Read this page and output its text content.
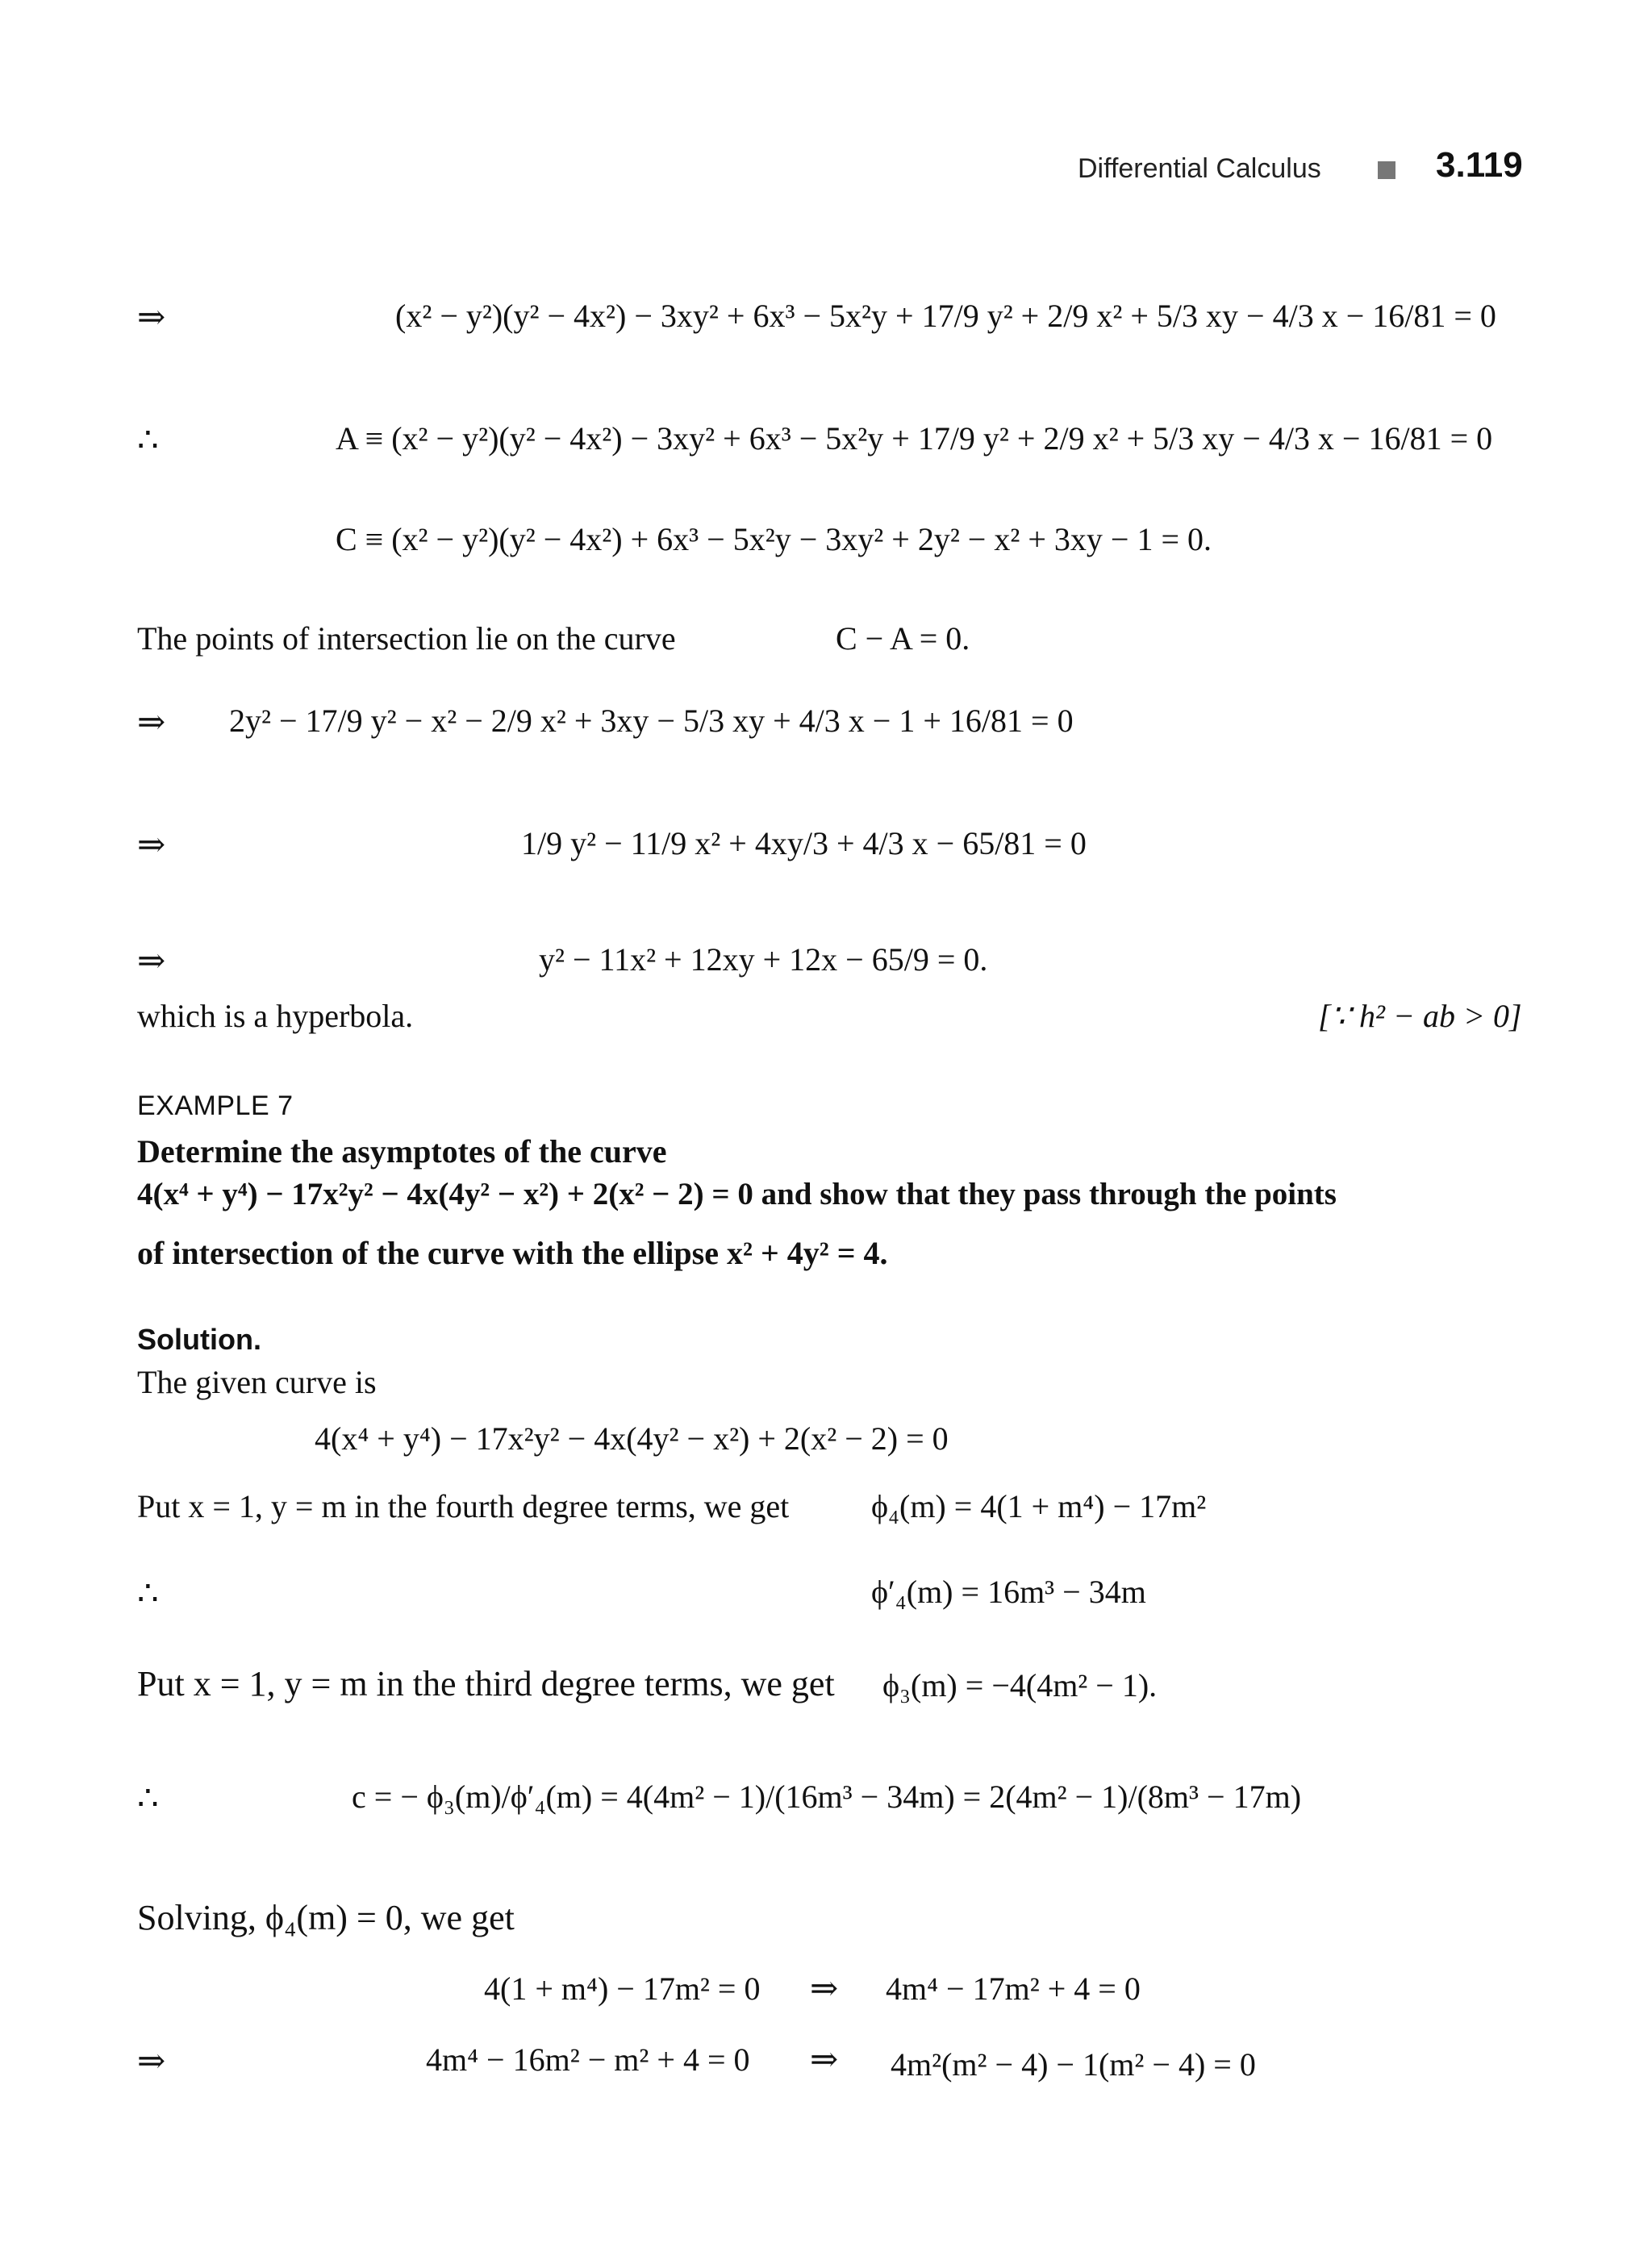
Differential Calculus	3.119
⇒	(x² − y²)(y² − 4x²) − 3xy² + 6x³ − 5x²y + 17/9 y² + 2/9 x² + 5/3 xy − 4/3 x − 16/81 = 0
∴	A ≡ (x² − y²)(y² − 4x²) − 3xy² + 6x³ − 5x²y + 17/9 y² + 2/9 x² + 5/3 xy − 4/3 x − 16/81 = 0
C ≡ (x² − y²)(y² − 4x²) + 6x³ − 5x²y − 3xy² + 2y² − x² + 3xy − 1 = 0.
The points of intersection lie on the curve	C − A = 0.
⇒ 2y² − 17/9 y² − x² − 2/9 x² + 3xy − 5/3 xy + 4/3 x − 1 + 16/81 = 0
⇒	1/9 y² − 11/9 x² + 4xy/3 + 4/3 x − 65/81 = 0
⇒	y² − 11x² + 12xy + 12x − 65/9 = 0.
which is a hyperbola.	[∵ h² − ab > 0]
EXAMPLE 7
Determine the asymptotes of the curve
4(x⁴ + y⁴) − 17x²y² − 4x(4y² − x²) + 2(x² − 2) = 0 and show that they pass through the points
of intersection of the curve with the ellipse x² + 4y² = 4.
Solution.
The given curve is
4(x⁴ + y⁴) − 17x²y² − 4x(4y² − x²) + 2(x² − 2) = 0
Put x = 1, y = m in the fourth degree terms, we get	ϕ₄(m) = 4(1 + m⁴) − 17m²
∴	ϕ′₄(m) = 16m³ − 34m
Put x = 1, y = m in the third degree terms, we get ϕ₃(m) = −4(4m² − 1).
∴	c = − ϕ₃(m)/ϕ′₄(m) = 4(4m² − 1)/(16m³ − 34m) = 2(4m² − 1)/(8m³ − 17m)
Solving, ϕ₄(m) = 0, we get
4(1 + m⁴) − 17m² = 0 ⇒ 4m⁴ − 17m² + 4 = 0
⇒	4m⁴ − 16m² − m² + 4 = 0 ⇒ 4m²(m² − 4) − 1(m² − 4) = 0
